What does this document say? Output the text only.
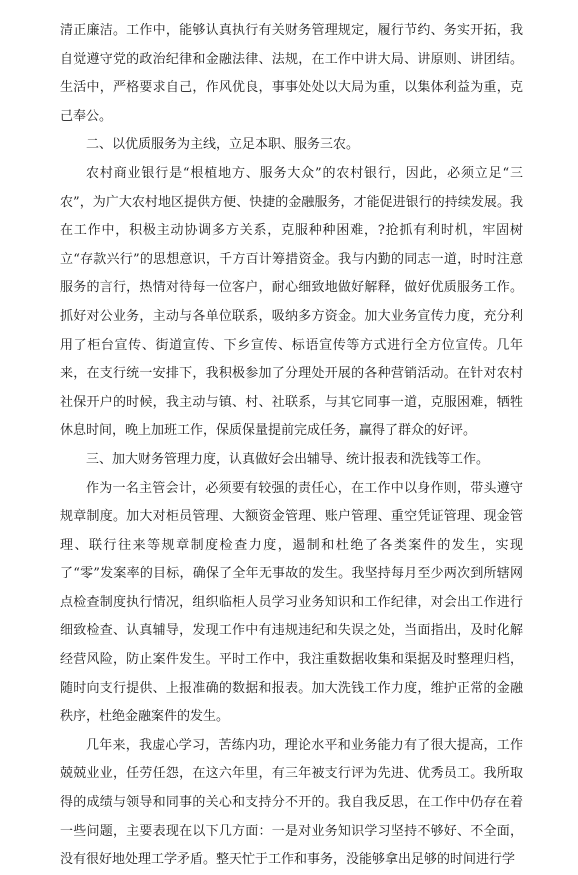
清正廉洁。工作中，能够认真执行有关财务管理规定，履行节约、务实开拓，我自觉遵守党的政治纪律和金融法律、法规，在工作中讲大局、讲原则、讲团结。生活中，严格要求自己，作风优良，事事处处以大局为重，以集体利益为重，克己奉公。

二、以优质服务为主线，立足本职、服务三农。

农村商业银行是“根植地方、服务大众”的农村银行，因此，必须立足“三农”，为广大农村地区提供方便、快捷的金融服务，才能促进银行的持续发展。我在工作中，积极主动协调多方关系，克服种种困难，?抢抓有利时机，牢固树立“存款兴行”的思想意识，千方百计筹措资金。我与内勤的同志一道，时时注意服务的言行，热情对待每一位客户，耐心细致地做好解释，做好优质服务工作。抓好对公业务，主动与各单位联系，吸纳多方资金。加大业务宣传力度，充分利用了柜台宣传、街道宣传、下乡宣传、标语宣传等方式进行全方位宣传。几年来，在支行统一安排下，我积极参加了分理处开展的各种营销活动。在针对农村社保开户的时候，我主动与镇、村、社联系，与其它同事一道，克服困难，牺牲休息时间，晚上加班工作，保质保量提前完成任务，赢得了群众的好评。

三、加大财务管理力度，认真做好会出辅导、统计报表和洗钱等工作。

作为一名主管会计，必须要有较强的责任心，在工作中以身作则，带头遵守规章制度。加大对柜员管理、大额资金管理、账户管理、重空凭证管理、现金管理、联行往来等规章制度检查力度，遏制和杜绝了各类案件的发生，实现了“零”发案率的目标，确保了全年无事故的发生。我坚持每月至少两次到所辖网点检查制度执行情况，组织临柜人员学习业务知识和工作纪律，对会出工作进行细致检查、认真辅导，发现工作中有违规违纪和失误之处，当面指出，及时化解经营风险，防止案件发生。平时工作中，我注重数据收集和渠据及时整理归档，随时向支行提供、上报准确的数据和报表。加大洗钱工作力度，维护正常的金融秩序，杜绝金融案件的发生。

几年来，我虚心学习，苦练内功，理论水平和业务能力有了很大提高，工作兢兢业业，任劳任怨，在这六年里，有三年被支行评为先进、优秀员工。我所取得的成绩与领导和同事的关心和支持分不开的。我自我反思，在工作中仍存在着一些问题，主要表现在以下几方面：一是对业务知识学习坚持不够好、不全面，没有很好地处理工学矛盾。整天忙于工作和事务，没能够拿出足够的时间进行学
